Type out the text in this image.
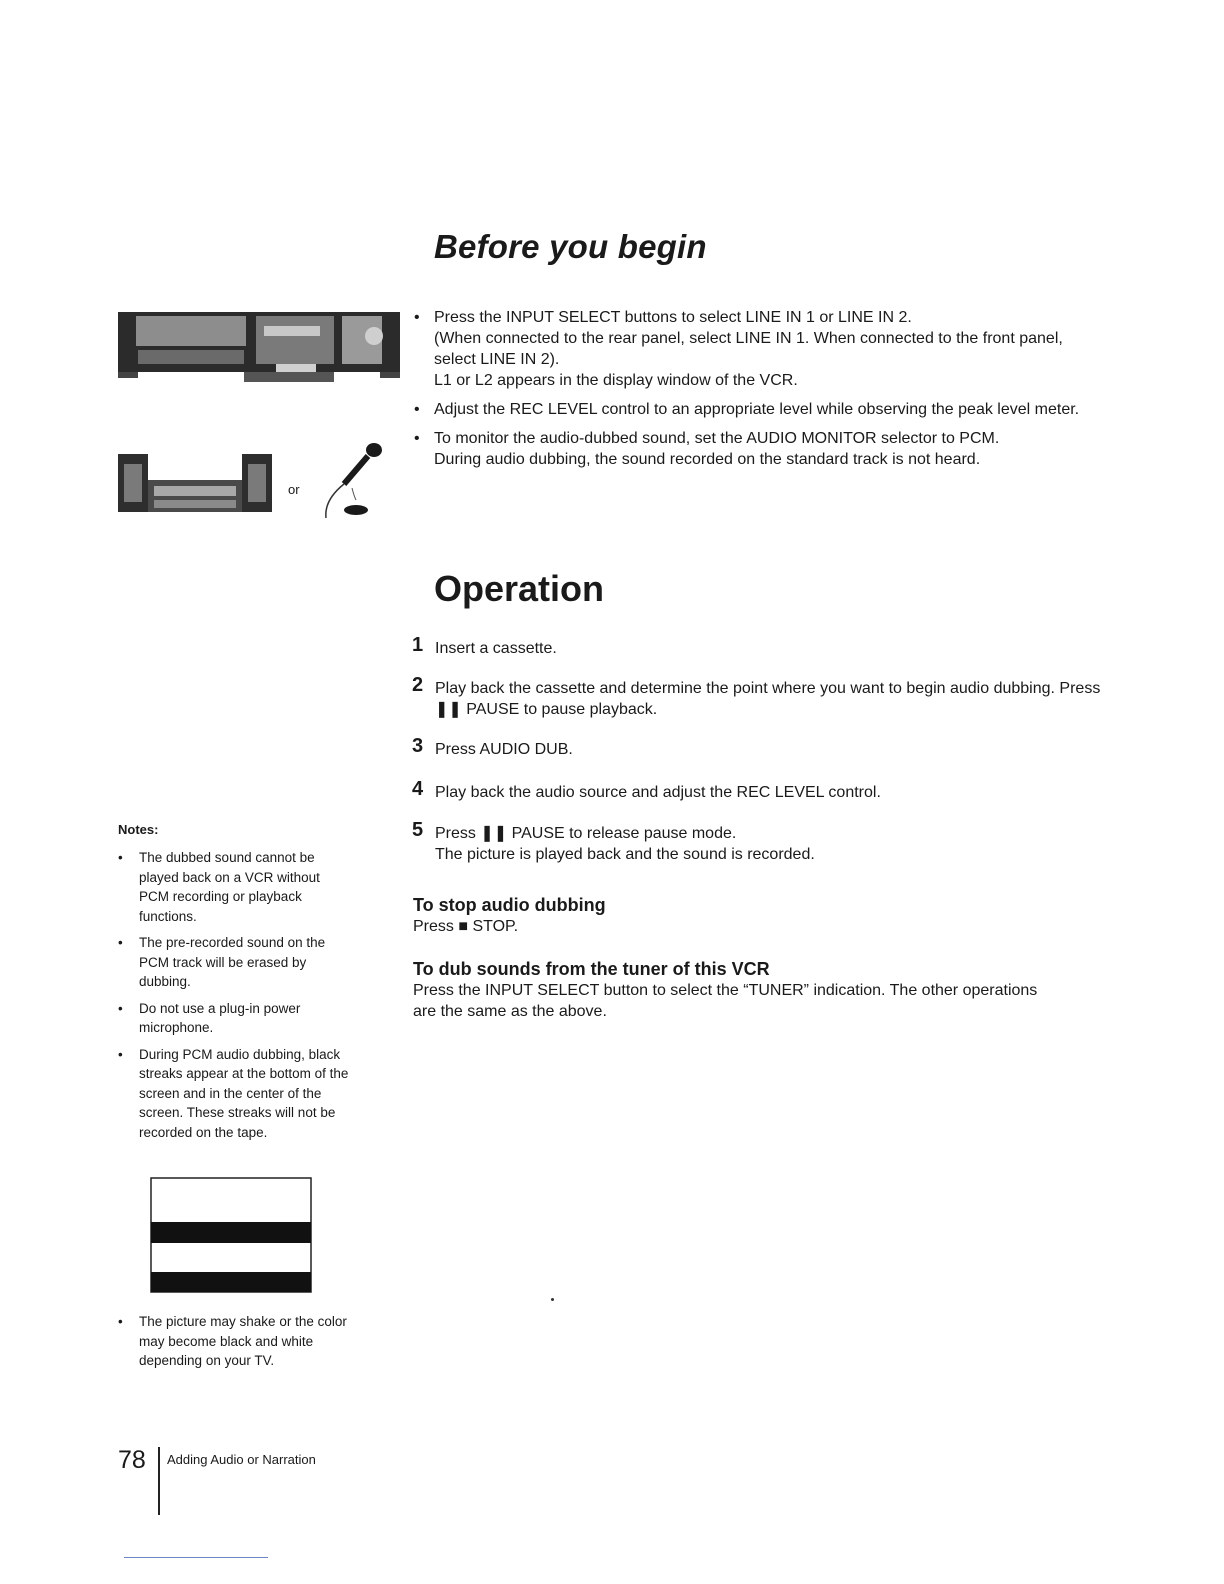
or
Before you begin
• Press the INPUT SELECT buttons to select LINE IN 1 or LINE IN 2.

(When connected to the rear panel, select LINE IN 1. When connected to the front panel, select LINE IN 2).

L1 or L2 appears in the display window of the VCR.

• Adjust the REC LEVEL control to an appropriate level while observing the peak level meter.

• To monitor the audio-dubbed sound, set the AUDIO MONITOR selector to PCM.

During audio dubbing, the sound recorded on the standard track is not heard.

Operation
1 Insert a cassette.

2 Play back the cassette and determine the point where you want to begin audio dubbing. Press ❚❚ PAUSE to pause playback.

3 Press AUDIO DUB.

4 Play back the audio source and adjust the REC LEVEL control.

5 Press ❚❚ PAUSE to release pause mode.

The picture is played back and the sound is recorded.

To stop audio dubbing

Press ■ STOP.

To dub sounds from the tuner of this VCR

Press the INPUT SELECT button to select the “TUNER” indication. The other operations are the same as the above.

Notes:
• The dubbed sound cannot be played back on a VCR without PCM recording or playback functions.
• The pre-recorded sound on the PCM track will be erased by dubbing.
• Do not use a plug-in power microphone.
• During PCM audio dubbing, black streaks appear at the bottom of the screen and in the center of the screen. These streaks will not be recorded on the tape.
• The picture may shake or the color may become black and white depending on your TV.
78 Adding Audio or Narration
